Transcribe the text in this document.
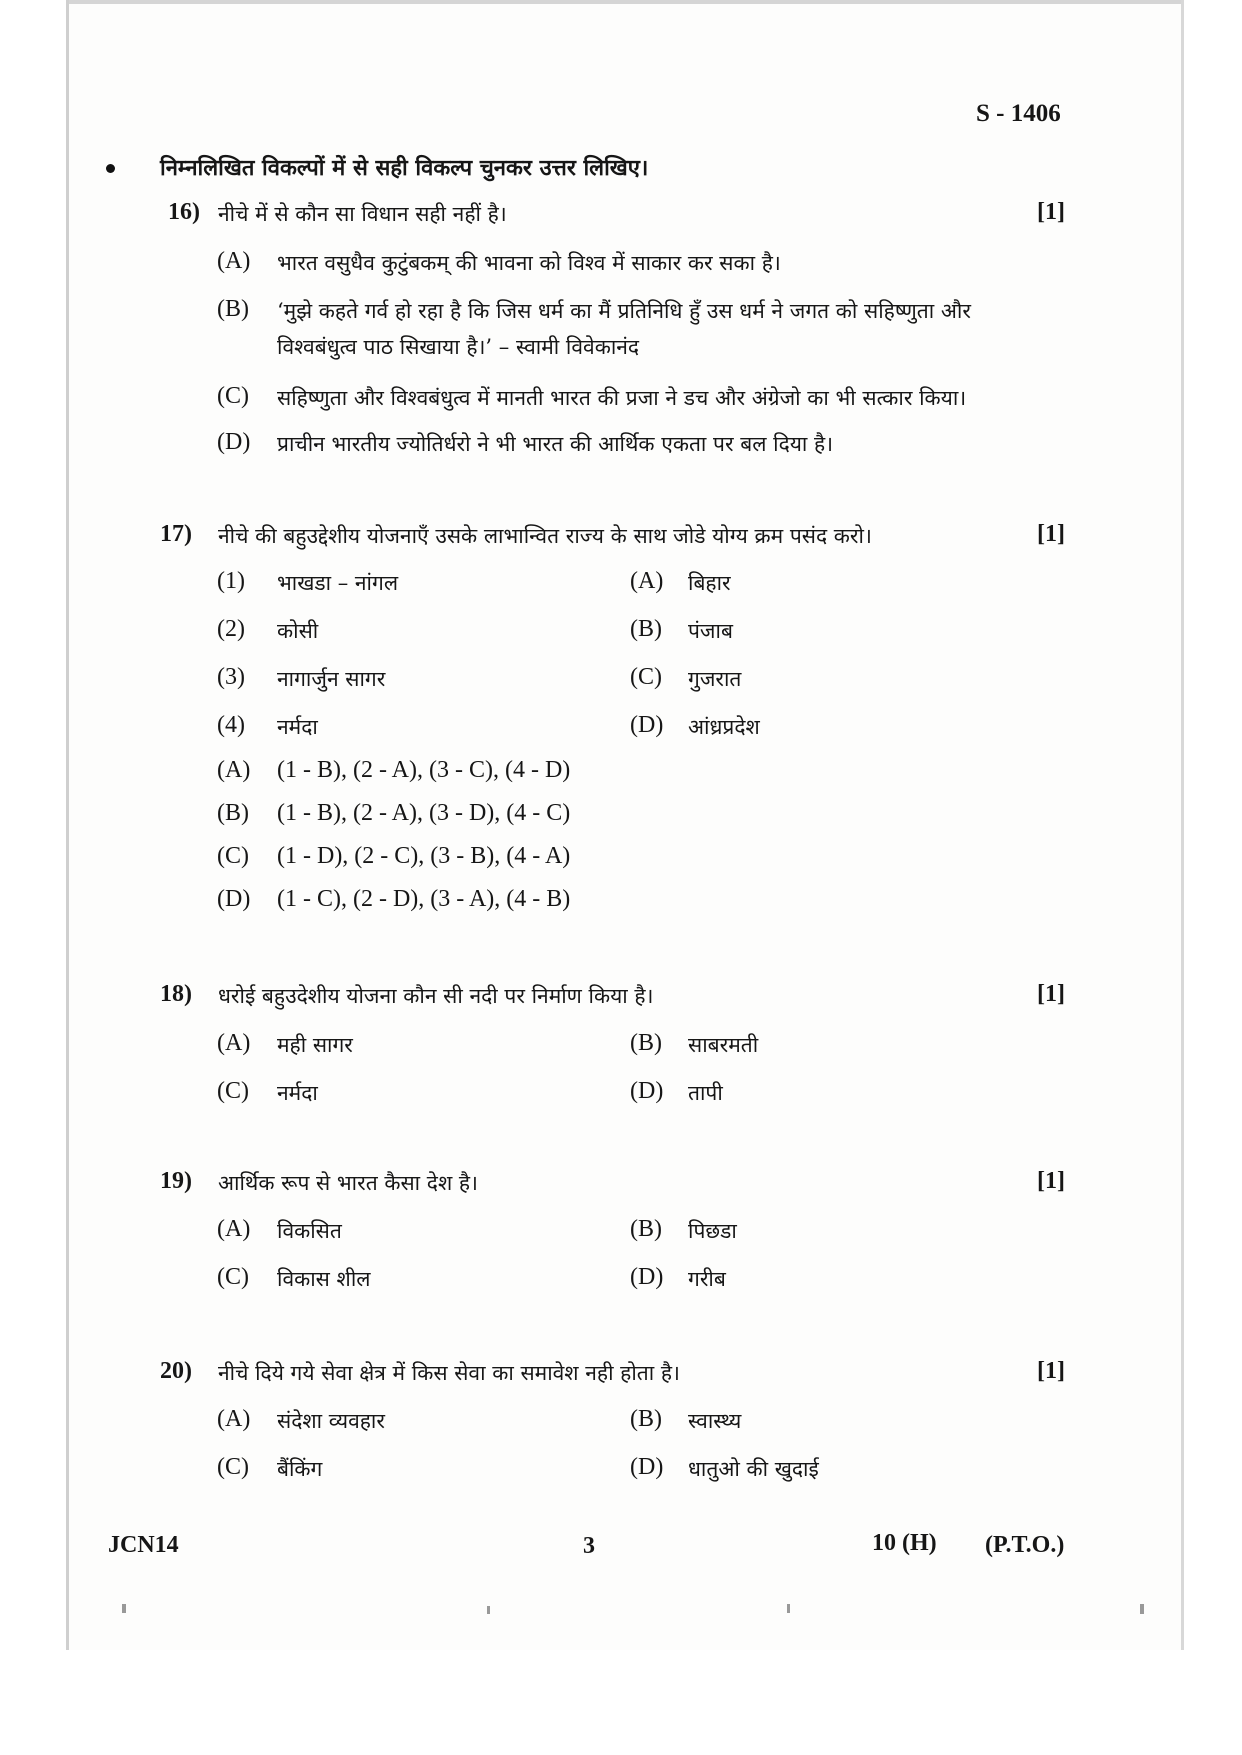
S - 1406
निम्नलिखित विकल्पों में से सही विकल्प चुनकर उत्तर लिखिए।
16) नीचे में से कौन सा विधान सही नहीं है।	[1]
(A) भारत वसुधैव कुटुंबकम् की भावना को विश्व में साकार कर सका है।
(B) ‘मुझे कहते गर्व हो रहा है कि जिस धर्म का मैं प्रतिनिधि हुँ उस धर्म ने जगत को सहिष्णुता और
विश्वबंधुत्व पाठ सिखाया है।’ – स्वामी विवेकानंद
(C) सहिष्णुता और विश्वबंधुत्व में मानती भारत की प्रजा ने डच और अंग्रेजो का भी सत्कार किया।
(D) प्राचीन भारतीय ज्योतिर्धरो ने भी भारत की आर्थिक एकता पर बल दिया है।
17) नीचे की बहुउद्देशीय योजनाएँ उसके लाभान्वित राज्य के साथ जोडे योग्य क्रम पसंद करो।	[1]
(1) भाखडा – नांगल	(A) बिहार
(2) कोसी	(B) पंजाब
(3) नागार्जुन सागर	(C) गुजरात
(4) नर्मदा	(D) आंध्रप्रदेश
(A) (1 - B), (2 - A), (3 - C), (4 - D)
(B) (1 - B), (2 - A), (3 - D), (4 - C)
(C) (1 - D), (2 - C), (3 - B), (4 - A)
(D) (1 - C), (2 - D), (3 - A), (4 - B)
18) धरोई बहुउदेशीय योजना कौन सी नदी पर निर्माण किया है।	[1]
(A) मही सागर	(B) साबरमती
(C) नर्मदा	(D) तापी
19) आर्थिक रूप से भारत कैसा देश है।	[1]
(A) विकसित	(B) पिछडा
(C) विकास शील	(D) गरीब
20) नीचे दिये गये सेवा क्षेत्र में किस सेवा का समावेश नही होता है।	[1]
(A) संदेशा व्यवहार	(B) स्वास्थ्य
(C) बैंकिंग	(D) धातुओ की खुदाई
JCN14	3	10 (H) (P.T.O.)
